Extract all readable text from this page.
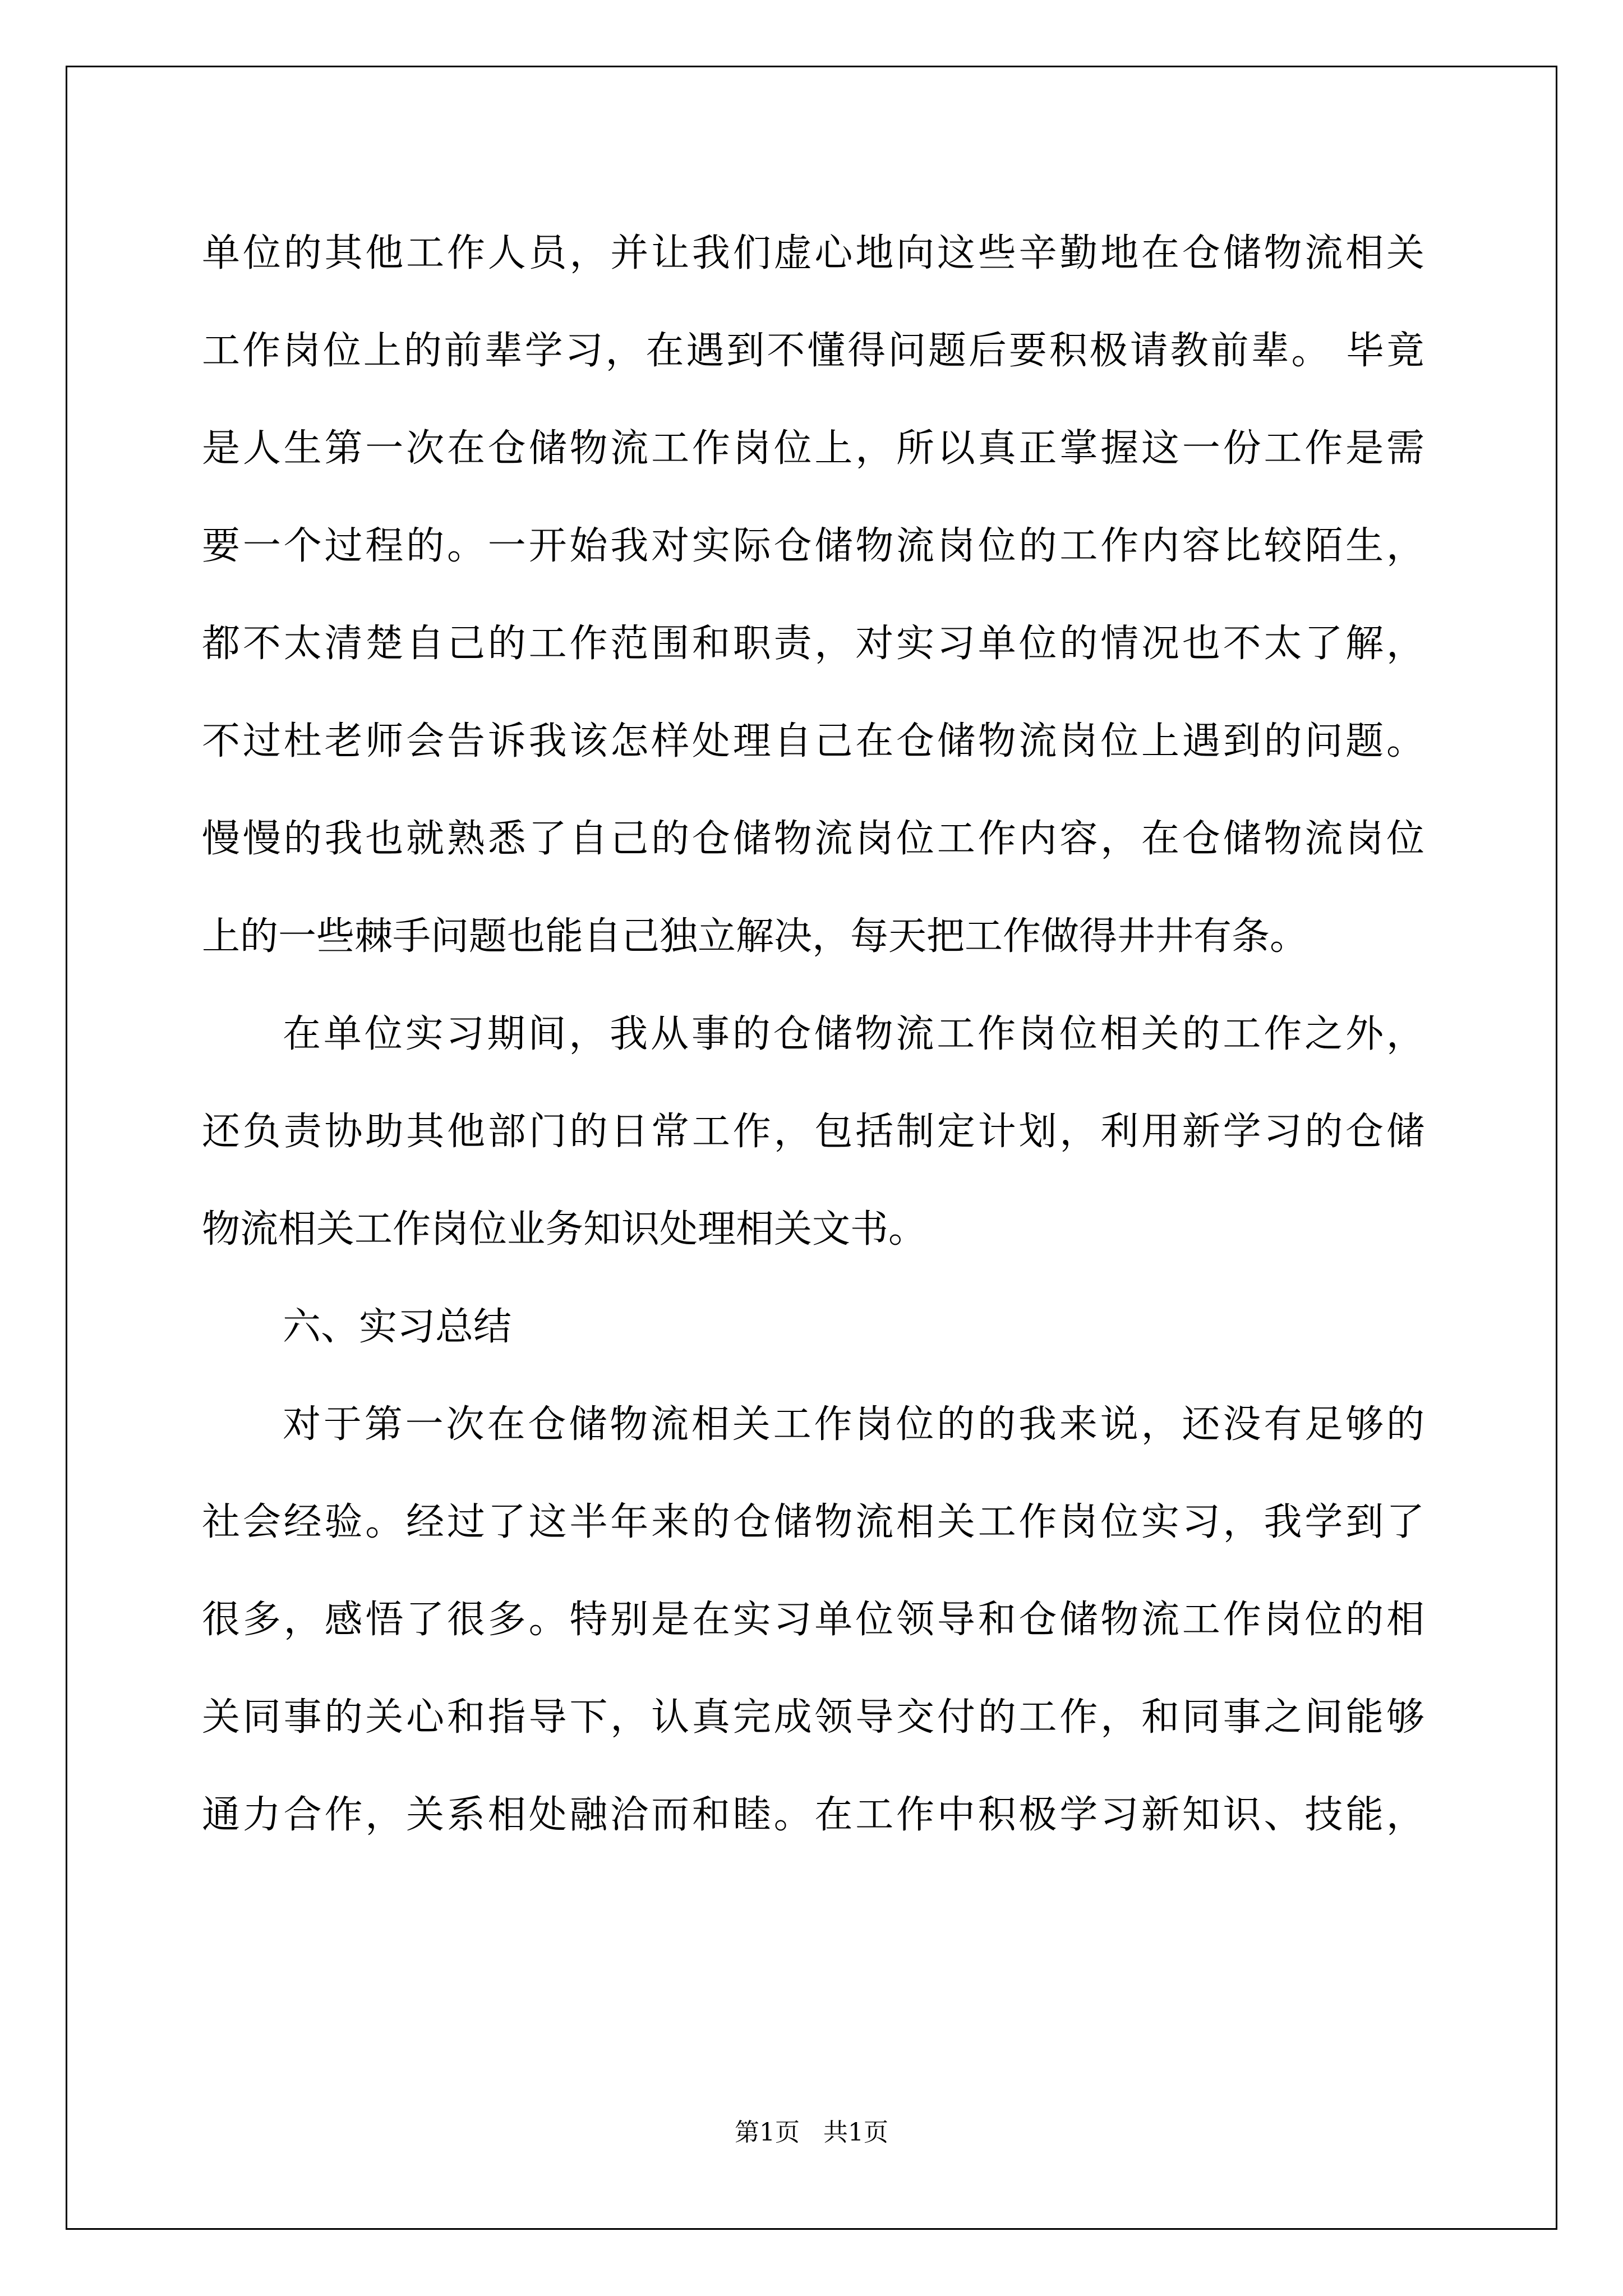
单位的其他工作人员，并让我们虚心地向这些辛勤地在仓储物流相关
工作岗位上的前辈学习，在遇到不懂得问题后要积极请教前辈。 毕竟
是人生第一次在仓储物流工作岗位上，所以真正掌握这一份工作是需
要一个过程的。一开始我对实际仓储物流岗位的工作内容比较陌生，
都不太清楚自己的工作范围和职责，对实习单位的情况也不太了解，
不过杜老师会告诉我该怎样处理自己在仓储物流岗位上遇到的问题。
慢慢的我也就熟悉了自己的仓储物流岗位工作内容，在仓储物流岗位
上的一些棘手问题也能自己独立解决，每天把工作做得井井有条。
在单位实习期间，我从事的仓储物流工作岗位相关的工作之外，
还负责协助其他部门的日常工作，包括制定计划，利用新学习的仓储
物流相关工作岗位业务知识处理相关文书。
六、实习总结
对于第一次在仓储物流相关工作岗位的的我来说，还没有足够的
社会经验。经过了这半年来的仓储物流相关工作岗位实习，我学到了
很多，感悟了很多。特别是在实习单位领导和仓储物流工作岗位的相
关同事的关心和指导下，认真完成领导交付的工作，和同事之间能够
通力合作，关系相处融洽而和睦。在工作中积极学习新知识、技能，
第1页 共1页
